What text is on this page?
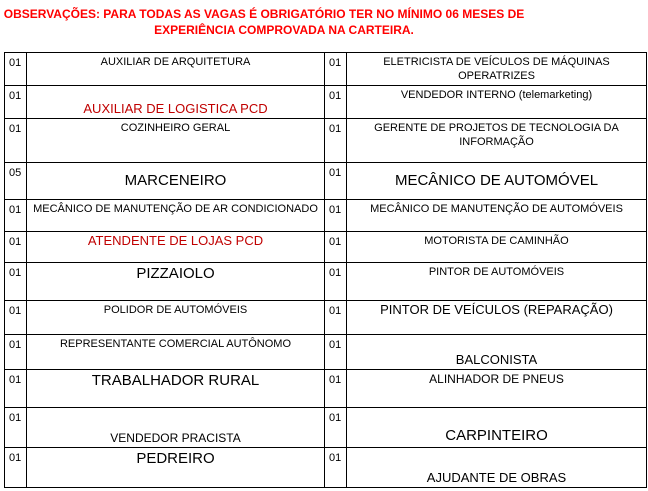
OBSERVAÇÕES: PARA TODAS AS VAGAS É OBRIGATÓRIO TER NO MÍNIMO 06 MESES DE
EXPERIÊNCIA COMPROVADA NA CARTEIRA.
01	AUXILIAR DE ARQUITETURA	01	ELETRICISTA DE VEÍCULOS DE MÁQUINAS OPERATRIZES
01	AUXILIAR DE LOGISTICA PCD	01	VENDEDOR INTERNO (telemarketing)
01	COZINHEIRO GERAL	01	GERENTE DE PROJETOS DE TECNOLOGIA DA INFORMAÇÃO
05	MARCENEIRO	01	MECÂNICO DE AUTOMÓVEL
01	MECÂNICO DE MANUTENÇÃO DE AR CONDICIONADO	01	MECÂNICO DE MANUTENÇÃO DE AUTOMÓVEIS
01	ATENDENTE DE LOJAS PCD	01	MOTORISTA DE CAMINHÃO
01	PIZZAIOLO	01	PINTOR DE AUTOMÓVEIS
01	POLIDOR DE AUTOMÓVEIS	01	PINTOR DE VEÍCULOS (REPARAÇÃO)
01	REPRESENTANTE COMERCIAL AUTÔNOMO	01	BALCONISTA
01	TRABALHADOR RURAL	01	ALINHADOR DE PNEUS
01	VENDEDOR PRACISTA	01	CARPINTEIRO
01	PEDREIRO	01	AJUDANTE DE OBRAS
